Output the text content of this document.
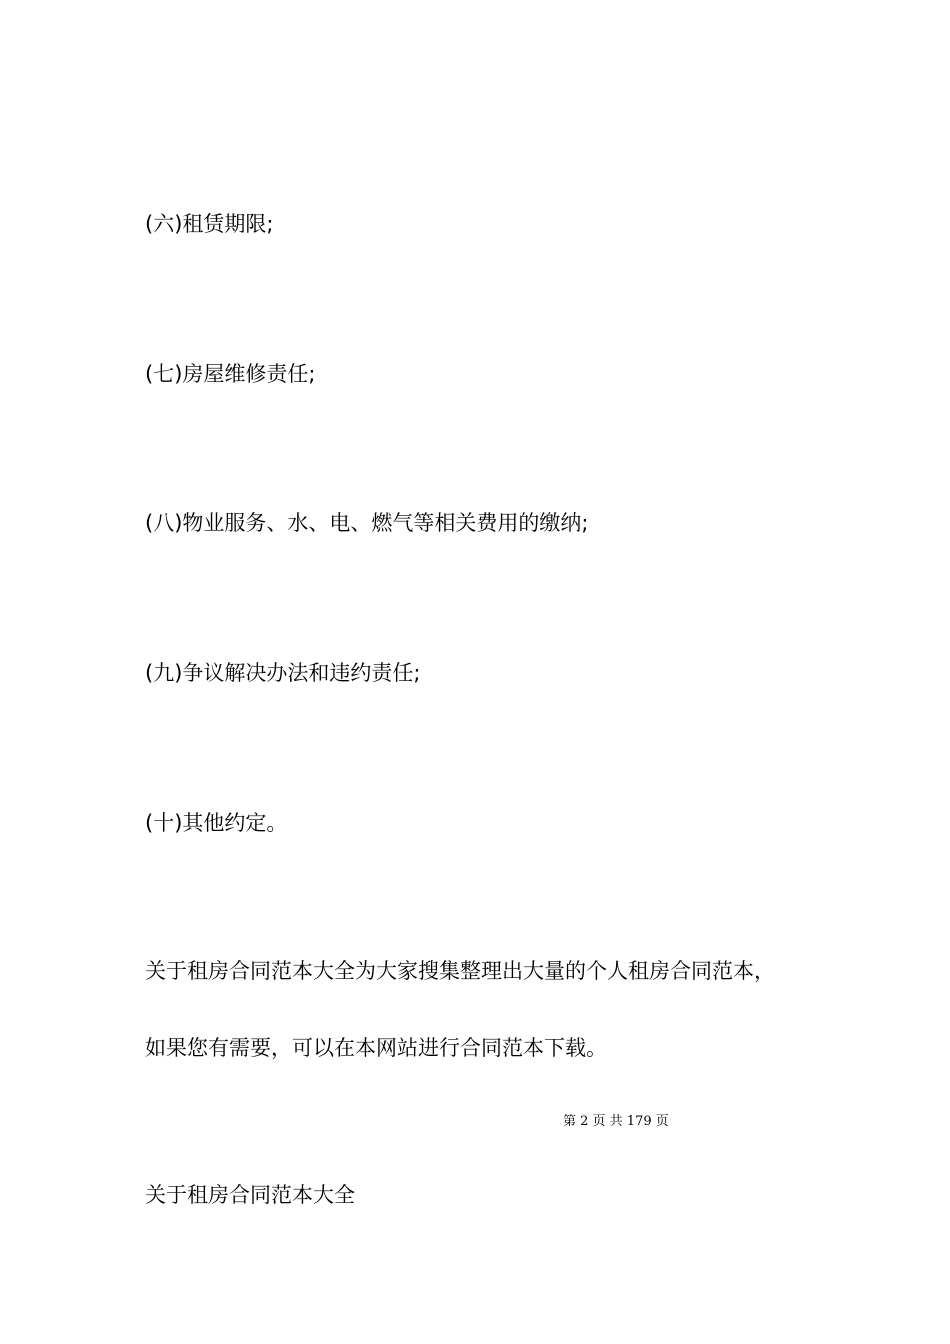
(六)租赁期限;

(七)房屋维修责任;

(八)物业服务、水、电、燃气等相关费用的缴纳;

(九)争议解决办法和违约责任;

(十)其他约定。

关于租房合同范本大全为大家搜集整理出大量的个人租房合同范本，

如果您有需要，可以在本网站进行合同范本下载。

第 2 页 共 179 页

关于租房合同范本大全
